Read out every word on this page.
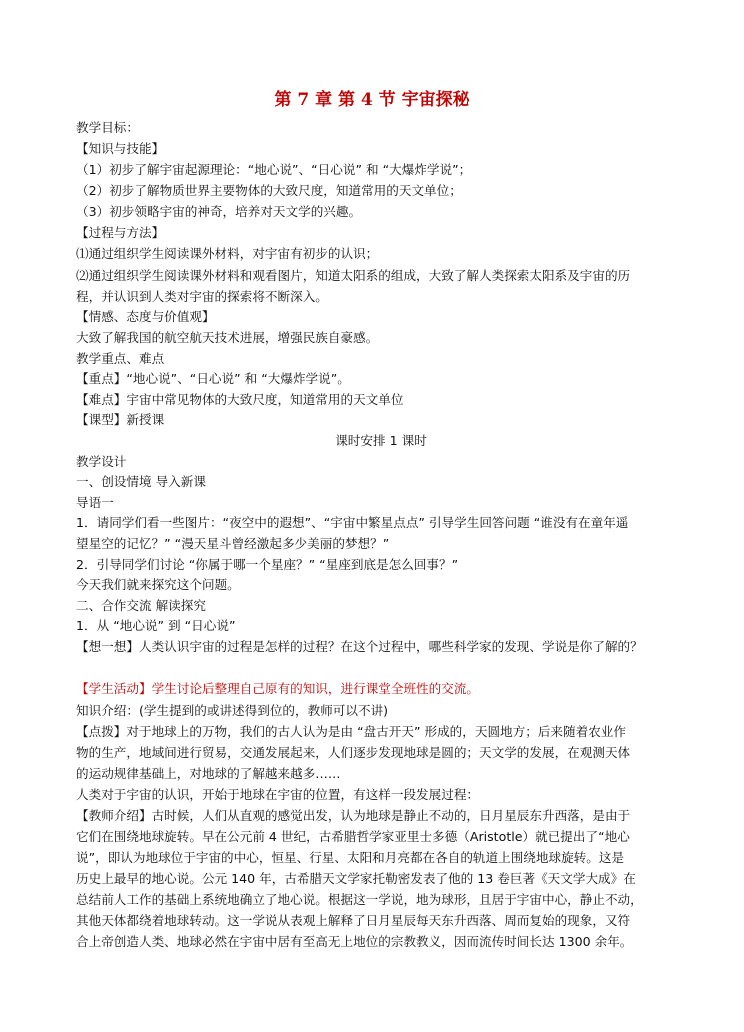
第 7 章 第 4 节 宇宙探秘
教学目标：
【知识与技能】
（1）初步了解宇宙起源理论：“地心说”、“日心说” 和 “大爆炸学说”；
（2）初步了解物质世界主要物体的大致尺度，知道常用的天文单位；
（3）初步领略宇宙的神奇，培养对天文学的兴趣。
【过程与方法】
⑴通过组织学生阅读课外材料，对宇宙有初步的认识；
⑵通过组织学生阅读课外材料和观看图片，知道太阳系的组成，大致了解人类探索太阳系及宇宙的历
程，并认识到人类对宇宙的探索将不断深入。
【情感、态度与价值观】
大致了解我国的航空航天技术进展，增强民族自豪感。
教学重点、难点
【重点】“地心说”、“日心说” 和 “大爆炸学说”。
【难点】宇宙中常见物体的大致尺度，知道常用的天文单位
【课型】新授课
课时安排 1 课时
教学设计
一、创设情境 导入新课
导语一
1．请同学们看一些图片：“夜空中的遐想”、“宇宙中繁星点点” 引导学生回答问题 “谁没有在童年遥
望星空的记忆？” “漫天星斗曾经激起多少美丽的梦想？”
2．引导同学们讨论 “你属于哪一个星座？” “星座到底是怎么回事？”
今天我们就来探究这个问题。
二、合作交流 解读探究
1．从 “地心说” 到 “日心说”
【想一想】人类认识宇宙的过程是怎样的过程？在这个过程中，哪些科学家的发现、学说是你了解的？
【学生活动】学生讨论后整理自己原有的知识，进行课堂全班性的交流。
知识介绍：(学生提到的或讲述得到位的，教师可以不讲)
【点拨】对于地球上的万物，我们的古人认为是由 “盘古开天” 形成的，天圆地方；后来随着农业作
物的生产，地域间进行贸易，交通发展起来，人们逐步发现地球是圆的；天文学的发展，在观测天体
的运动规律基础上，对地球的了解越来越多……
人类对于宇宙的认识，开始于地球在宇宙的位置，有这样一段发展过程：
【教师介绍】古时候，人们从直观的感觉出发，认为地球是静止不动的，日月星辰东升西落，是由于
它们在围绕地球旋转。早在公元前 4 世纪，古希腊哲学家亚里士多德（Aristotle）就已提出了“地心
说”，即认为地球位于宇宙的中心，恒星、行星、太阳和月亮都在各自的轨道上围绕地球旋转。这是
历史上最早的地心说。公元 140 年，古希腊天文学家托勒密发表了他的 13 卷巨著《天文学大成》在
总结前人工作的基础上系统地确立了地心说。根据这一学说，地为球形，且居于宇宙中心，静止不动，
其他天体都绕着地球转动。这一学说从表观上解释了日月星辰每天东升西落、周而复始的现象，又符
合上帝创造人类、地球必然在宇宙中居有至高无上地位的宗教教义，因而流传时间长达 1300 余年。
